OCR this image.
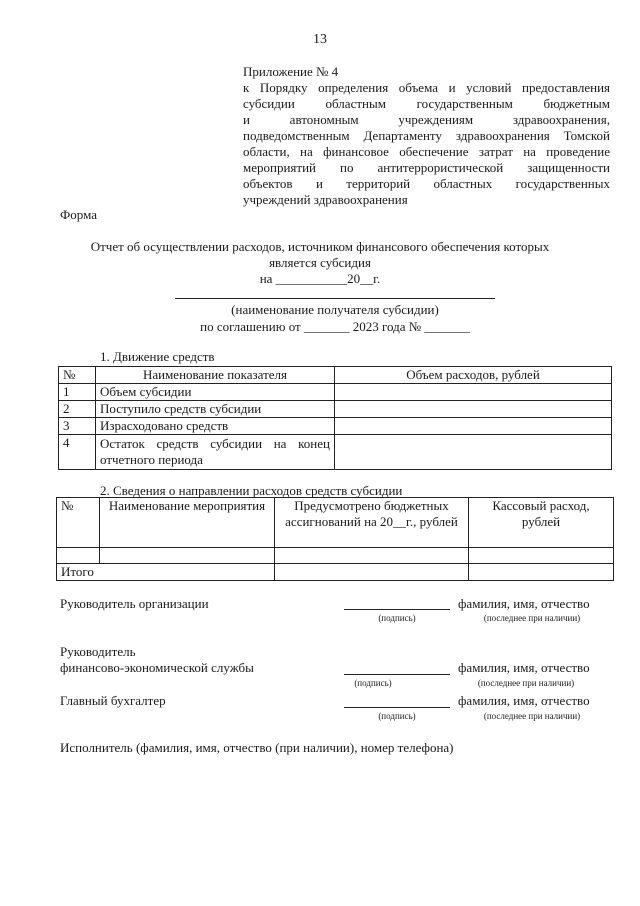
13
Приложение № 4
к Порядку определения объема и условий предоставления
субсидии областным государственным бюджетным
и автономным учреждениям здравоохранения,
подведомственным Департаменту здравоохранения Томской
области, на финансовое обеспечение затрат на проведение
мероприятий по антитеррористической защищенности
объектов и территорий областных государственных
учреждений здравоохранения
Форма
Отчет об осуществлении расходов, источником финансового обеспечения которых
является субсидия
на ___________20__г.
(наименование получателя субсидии)
по соглашению от _______ 2023 года № _______
1. Движение средств
№	Наименование показателя	Объем расходов, рублей
1	Объем субсидии	
2	Поступило средств субсидии	
3	Израсходовано средств	
4	Остаток средств субсидии на конец отчетного периода	
2. Сведения о направлении расходов средств субсидии
№	Наименование мероприятия	Предусмотрено бюджетных ассигнований на 20__г., рублей	Кассовый расход, рублей

Итого			
Руководитель организации	фамилия, имя, отчество
(подпись)	(последнее при наличии)
Руководитель
финансово-экономической службы	фамилия, имя, отчество
(подпись)	(последнее при наличии)
Главный бухгалтер	фамилия, имя, отчество
(подпись)	(последнее при наличии)
Исполнитель (фамилия, имя, отчество (при наличии), номер телефона)
